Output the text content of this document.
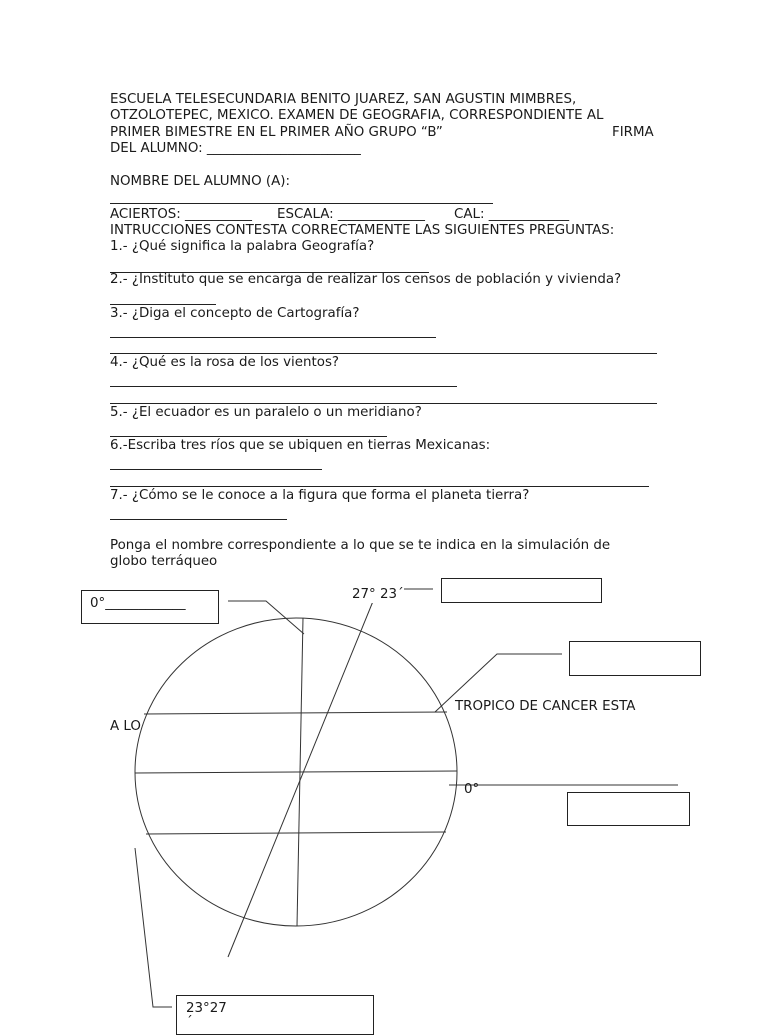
ESCUELA TELESECUNDARIA BENITO JUAREZ, SAN AGUSTIN MIMBRES,
OTZOLOTEPEC, MEXICO. EXAMEN DE GEOGRAFIA, CORRESPONDIENTE AL
PRIMER BIMESTRE EN EL PRIMER AÑO GRUPO “B”	FIRMA
DEL ALUMNO: _______________________
NOMBRE DEL ALUMNO (A):
ACIERTOS: __________ ESCALA: _____________ CAL: ____________
INTRUCCIONES CONTESTA CORRECTAMENTE LAS SIGUIENTES PREGUNTAS:
1.- ¿Qué significa la palabra Geografía?
2.- ¿Instituto que se encarga de realizar los censos de población y vivienda?
3.- ¿Diga el concepto de Cartografía?
4.- ¿Qué es la rosa de los vientos?
5.- ¿El ecuador es un paralelo o un meridiano?
6.-Escriba tres ríos que se ubiquen en tierras Mexicanas:
7.- ¿Cómo se le conoce a la figura que forma el planeta tierra?
Ponga el nombre correspondiente a lo que se te indica en la simulación de
globo terráqueo
0°____________
23°27
´
27° 23´
TROPICO DE CANCER ESTA
A LO
0°
